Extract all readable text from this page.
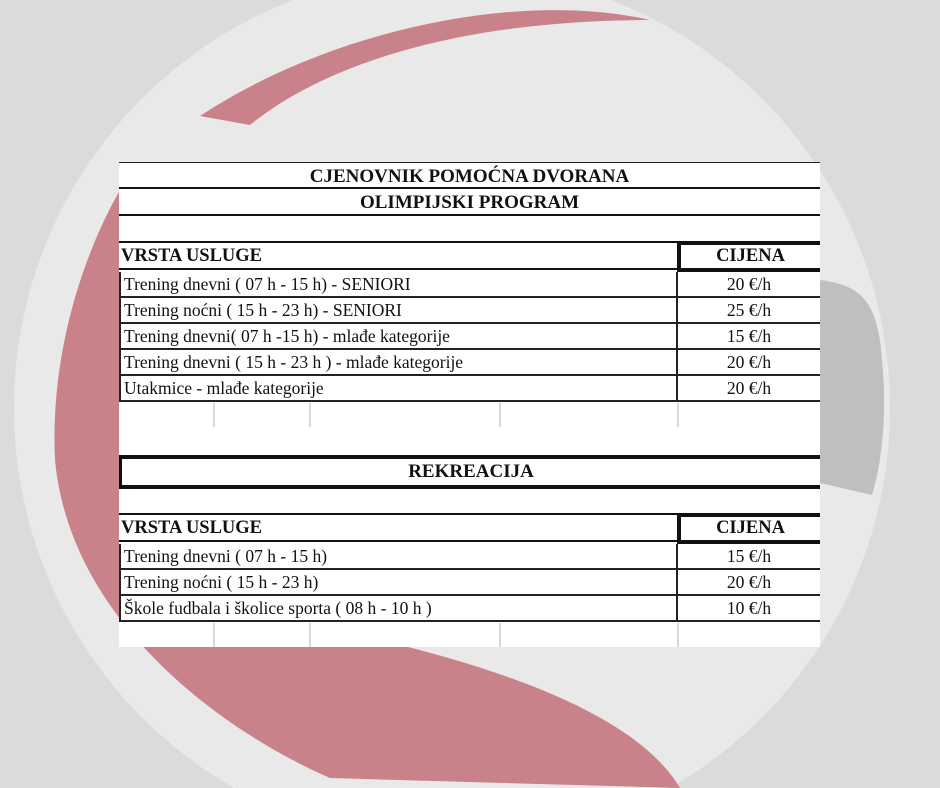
CJENOVNIK POMOĆNA DVORANA
OLIMPIJSKI PROGRAM
VRSTA USLUGE	CIJENA
Trening dnevni ( 07 h - 15 h) - SENIORI	20 €/h
Trening noćni ( 15 h - 23 h) - SENIORI	25 €/h
Trening dnevni( 07 h -15 h) - mlađe kategorije	15 €/h
Trening dnevni ( 15 h - 23 h ) - mlađe kategorije	20 €/h
Utakmice - mlađe kategorije	20 €/h
REKREACIJA
VRSTA USLUGE	CIJENA
Trening dnevni ( 07 h - 15 h)	15 €/h
Trening noćni ( 15 h - 23 h)	20 €/h
Škole fudbala i školice sporta ( 08 h - 10 h )	10 €/h
